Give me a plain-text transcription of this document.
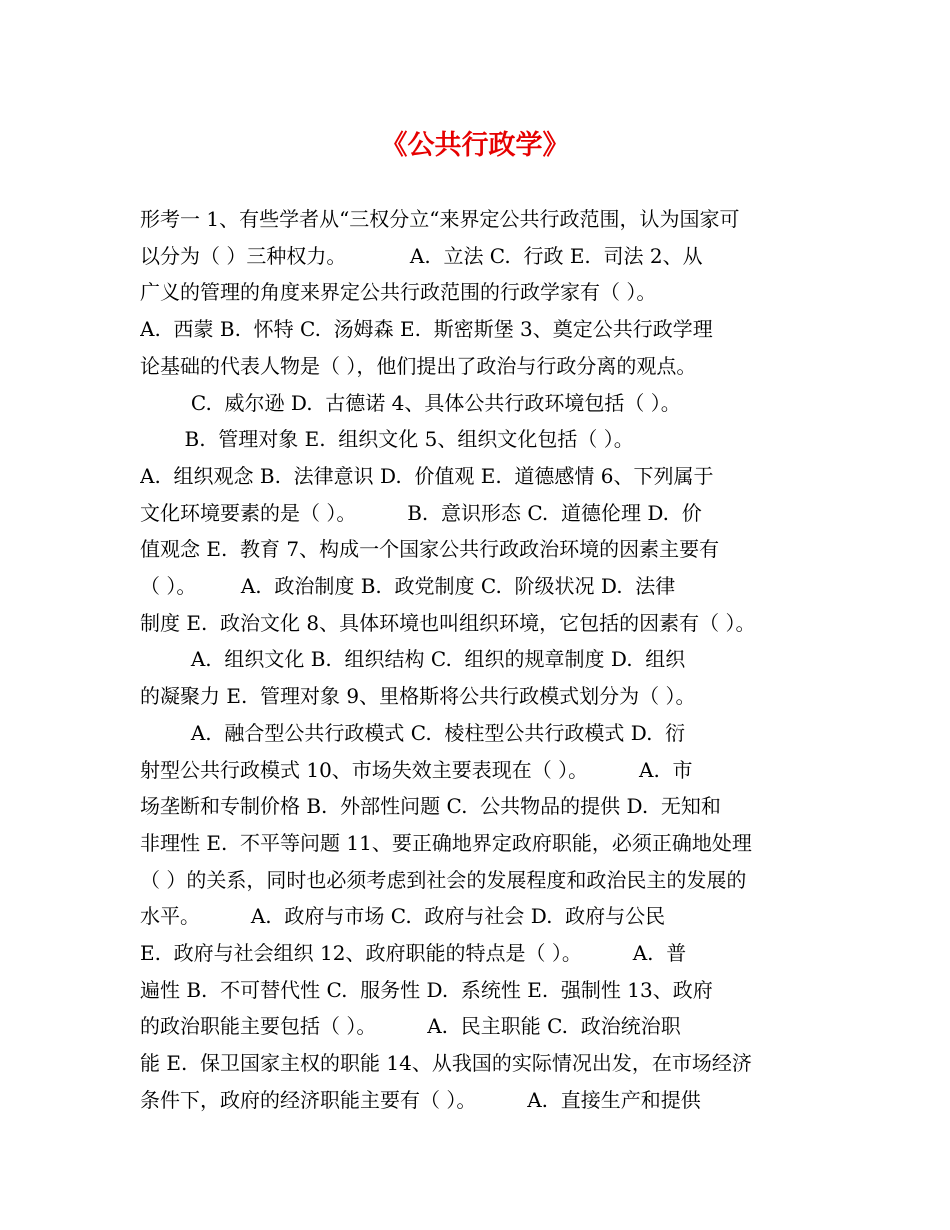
《公共行政学》

形考一 1、有些学者从“三权分立“来界定公共行政范围，认为国家可

以分为（ ）三种权力。          A.  立法 C.  行政 E.  司法 2、从

广义的管理的角度来界定公共行政范围的行政学家有（ ）。

A.  西蒙 B.  怀特 C.  汤姆森 E.  斯密斯堡 3、奠定公共行政学理

论基础的代表人物是（ ），他们提出了政治与行政分离的观点。

C.  威尔逊 D.  古德诺 4、具体公共行政环境包括（ ）。

B.  管理对象 E.  组织文化 5、组织文化包括（ ）。

A.  组织观念 B.  法律意识 D.  价值观 E.  道德感情 6、下列属于

文化环境要素的是（ ）。        B.  意识形态 C.  道德伦理 D.  价

值观念 E.  教育 7、构成一个国家公共行政政治环境的因素主要有

（ ）。       A.  政治制度 B.  政党制度 C.  阶级状况 D.  法律

制度 E.  政治文化 8、具体环境也叫组织环境，它包括的因素有（ ）。

A.  组织文化 B.  组织结构 C.  组织的规章制度 D.  组织

的凝聚力 E.  管理对象 9、里格斯将公共行政模式划分为（ ）。

A.  融合型公共行政模式 C.  棱柱型公共行政模式 D.  衍

射型公共行政模式 10、市场失效主要表现在（ ）。        A.  市

场垄断和专制价格 B.  外部性问题 C.  公共物品的提供 D.  无知和

非理性 E.  不平等问题 11、要正确地界定政府职能，必须正确地处理

（ ）的关系，同时也必须考虑到社会的发展程度和政治民主的发展的

水平。        A.  政府与市场 C.  政府与社会 D.  政府与公民

E.  政府与社会组织 12、政府职能的特点是（ ）。        A.  普

遍性 B.  不可替代性 C.  服务性 D.  系统性 E.  强制性 13、政府

的政治职能主要包括（ ）。        A.  民主职能 C.  政治统治职

能 E.  保卫国家主权的职能 14、从我国的实际情况出发，在市场经济

条件下，政府的经济职能主要有（ ）。        A.  直接生产和提供
